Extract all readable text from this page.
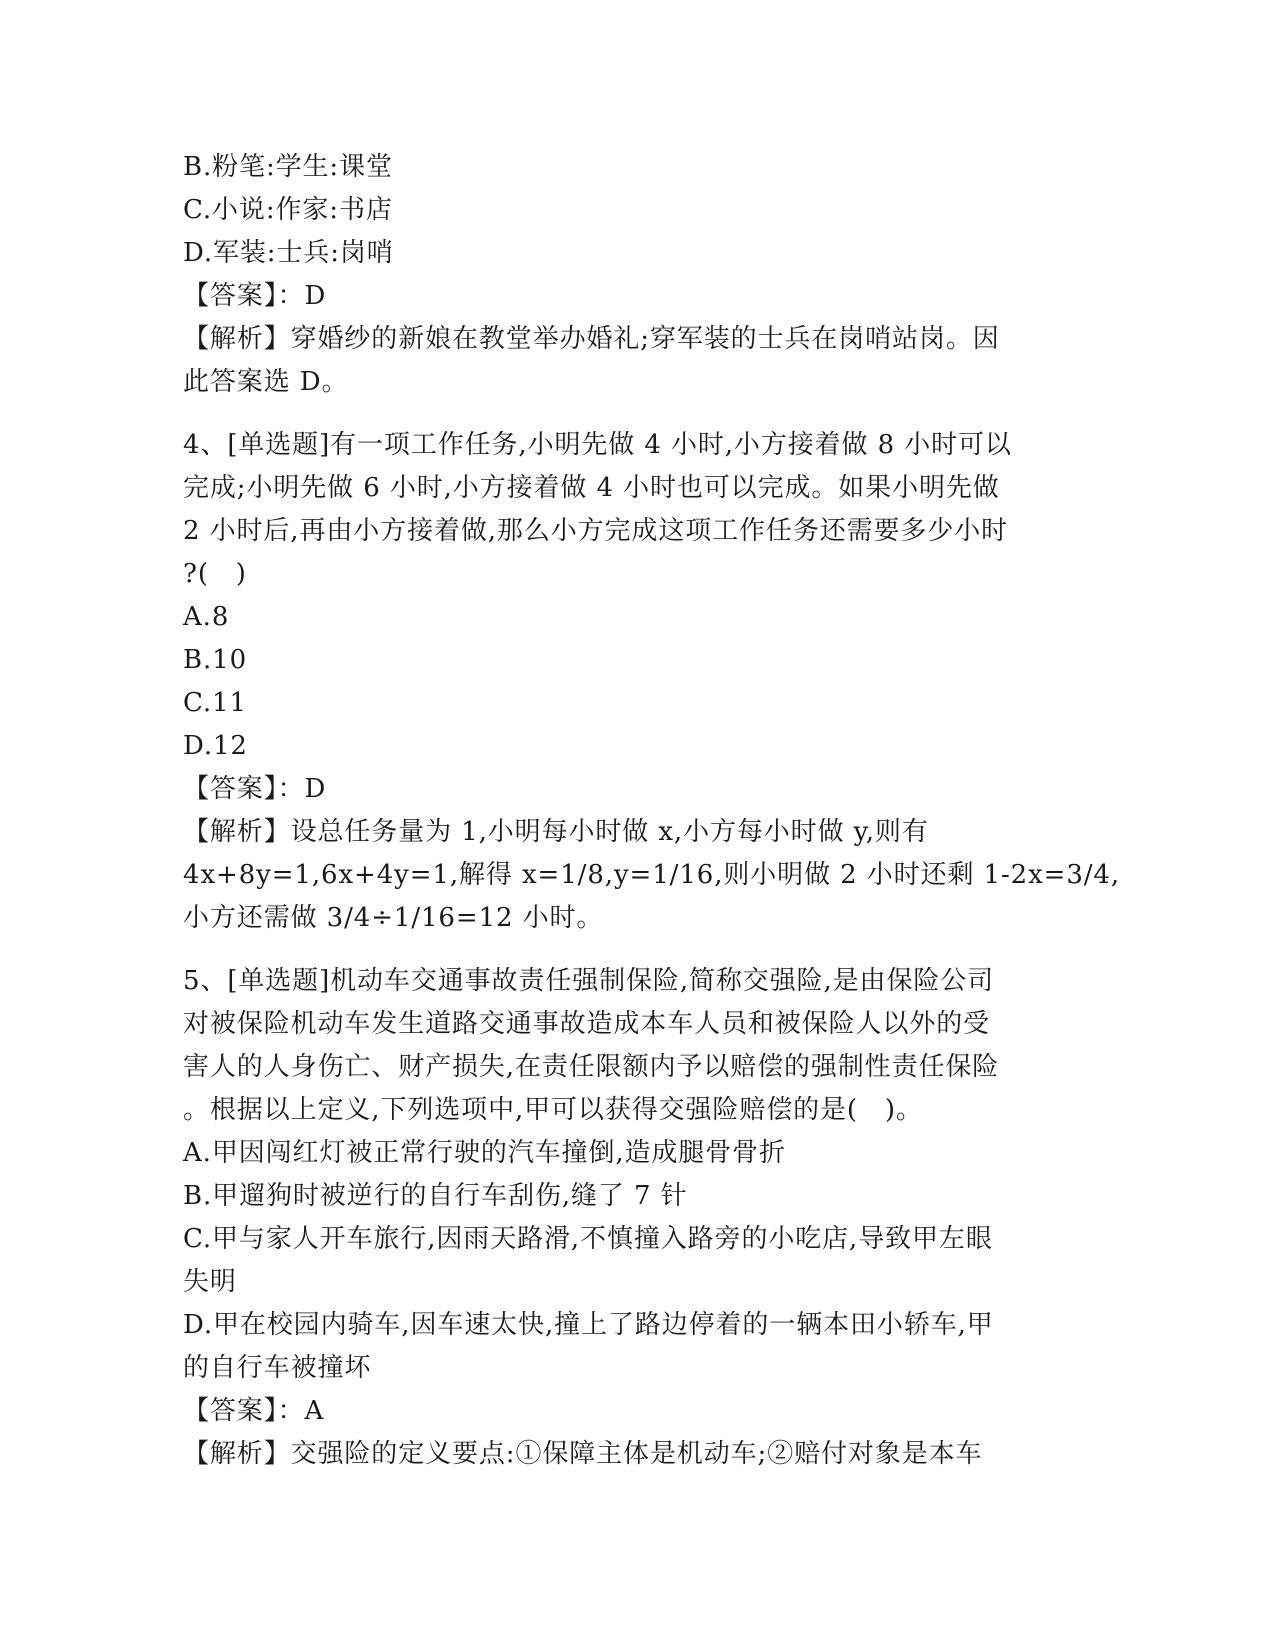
B.粉笔:学生:课堂
C.小说:作家:书店
D.军装:士兵:岗哨
【答案】：D
【解析】穿婚纱的新娘在教堂举办婚礼;穿军装的士兵在岗哨站岗。因
此答案选 D。
4、[单选题]有一项工作任务,小明先做 4 小时,小方接着做 8 小时可以
完成;小明先做 6 小时,小方接着做 4 小时也可以完成。如果小明先做
2 小时后,再由小方接着做,那么小方完成这项工作任务还需要多少小时
?(　)
A.8
B.10
C.11
D.12
【答案】：D
【解析】设总任务量为 1,小明每小时做 x,小方每小时做 y,则有
4x+8y=1,6x+4y=1,解得 x=1/8,y=1/16,则小明做 2 小时还剩 1-2x=3/4,
小方还需做 3/4÷1/16=12 小时。
5、[单选题]机动车交通事故责任强制保险,简称交强险,是由保险公司
对被保险机动车发生道路交通事故造成本车人员和被保险人以外的受
害人的人身伤亡、财产损失,在责任限额内予以赔偿的强制性责任保险
。根据以上定义,下列选项中,甲可以获得交强险赔偿的是(　)。
A.甲因闯红灯被正常行驶的汽车撞倒,造成腿骨骨折
B.甲遛狗时被逆行的自行车刮伤,缝了 7 针
C.甲与家人开车旅行,因雨天路滑,不慎撞入路旁的小吃店,导致甲左眼
失明
D.甲在校园内骑车,因车速太快,撞上了路边停着的一辆本田小轿车,甲
的自行车被撞坏
【答案】：A
【解析】交强险的定义要点:①保障主体是机动车;②赔付对象是本车
